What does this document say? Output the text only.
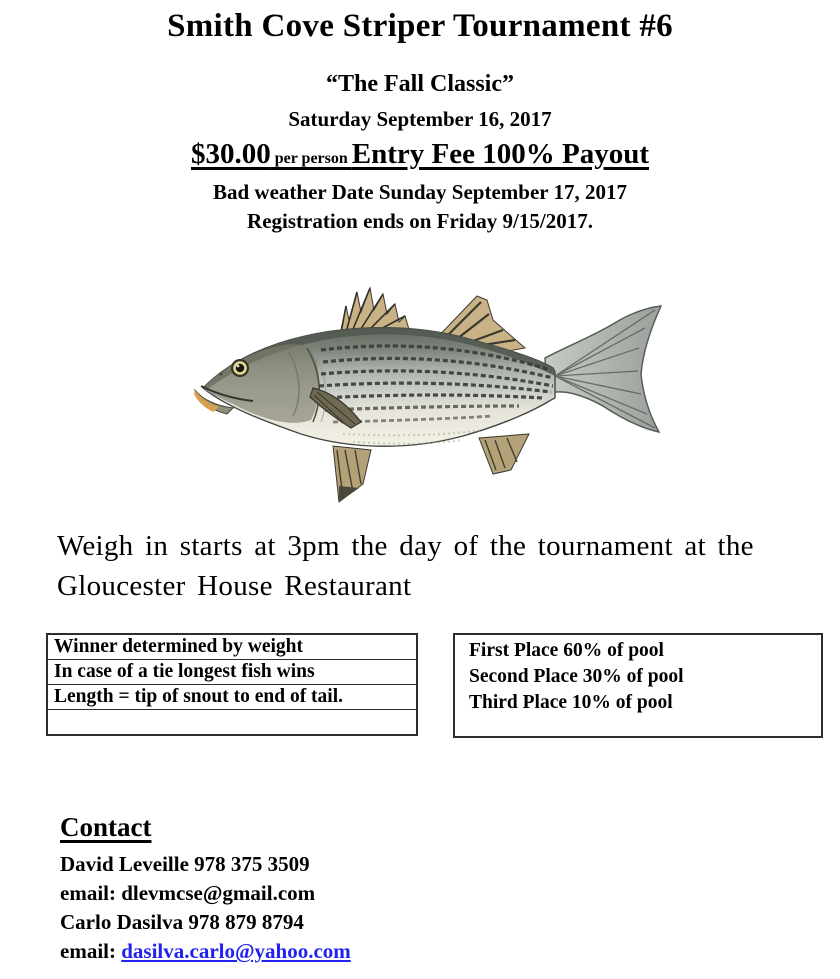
Smith Cove Striper Tournament #6
“The Fall Classic”
Saturday September 16, 2017
$30.00 per person Entry Fee 100% Payout
Bad weather Date Sunday September 17, 2017
Registration ends on Friday 9/15/2017.
Weigh in starts at 3pm the day of the tournament at the
Gloucester House Restaurant
Winner determined by weight
In case of a tie longest fish wins
Length = tip of snout to end of tail.
First Place 60% of pool
Second Place 30% of pool
Third Place 10% of pool
Contact
David Leveille 978 375 3509
email: dlevmcse@gmail.com
Carlo Dasilva 978 879 8794
email: dasilva.carlo@yahoo.com
